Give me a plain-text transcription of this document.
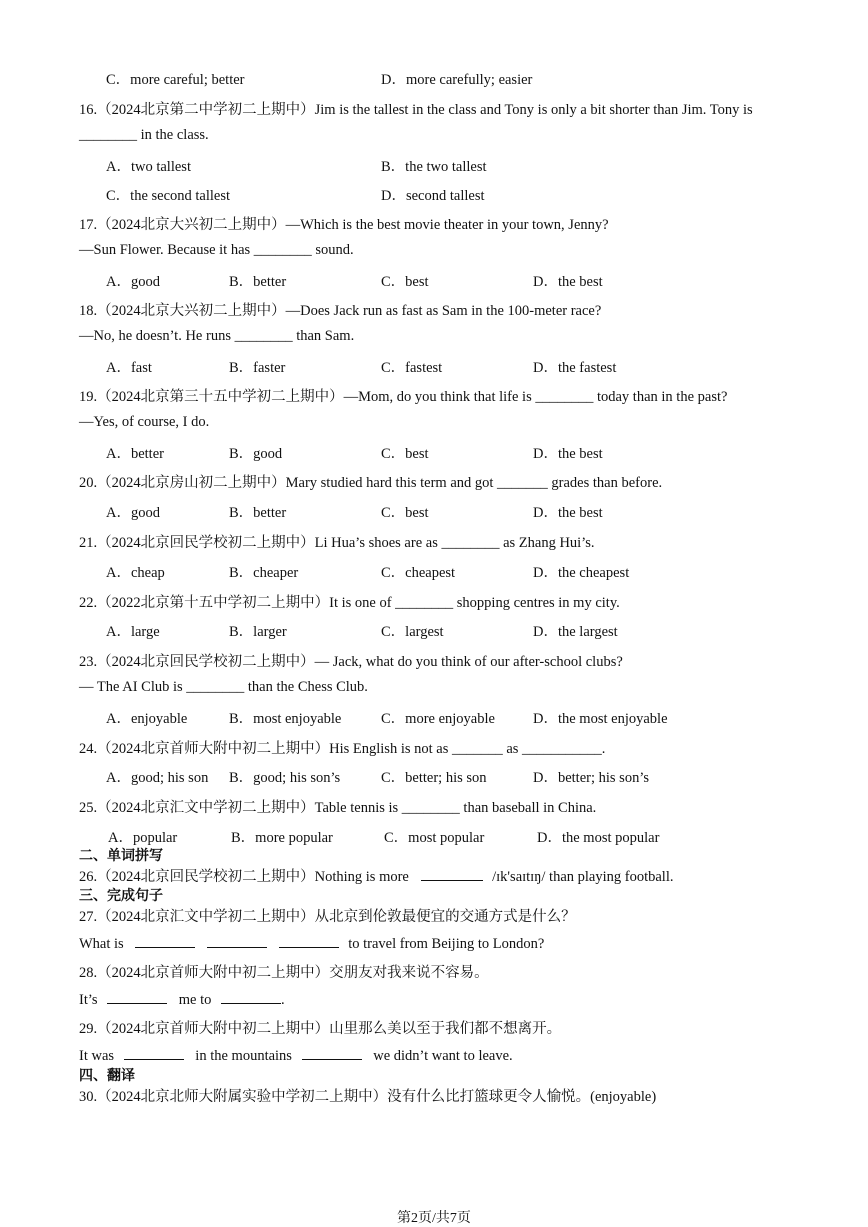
C．more careful; better	D．more carefully; easier
16.（2024北京第二中学初二上期中）Jim is the tallest in the class and Tony is only a bit shorter than Jim. Tony is
________ in the class.
A．two tallest	B．the two tallest
C．the second tallest	D．second tallest
17.（2024北京大兴初二上期中）—Which is the best movie theater in your town, Jenny?
—Sun Flower. Because it has ________ sound.
A．good	B．better	C．best	D．the best
18.（2024北京大兴初二上期中）—Does Jack run as fast as Sam in the 100-meter race?
—No, he doesn’t. He runs ________ than Sam.
A．fast	B．faster	C．fastest	D．the fastest
19.（2024北京第三十五中学初二上期中）—Mom, do you think that life is ________ today than in the past?
—Yes, of course, I do.
A．better	B．good	C．best	D．the best
20.（2024北京房山初二上期中）Mary studied hard this term and got _______ grades than before.
A．good	B．better	C．best	D．the best
21.（2024北京回民学校初二上期中）Li Hua’s shoes are as ________ as Zhang Hui’s.
A．cheap	B．cheaper	C．cheapest	D．the cheapest
22.（2022北京第十五中学初二上期中）It is one of ________ shopping centres in my city.
A．large	B．larger	C．largest	D．the largest
23.（2024北京回民学校初二上期中）— Jack, what do you think of our after-school clubs?
— The AI Club is ________ than the Chess Club.
A．enjoyable	B．most enjoyable	C．more enjoyable	D．the most enjoyable
24.（2024北京首师大附中初二上期中）His English is not as _______ as ___________.
A．good; his son B．good; his son’s	C．better; his son	D．better; his son’s
25.（2024北京汇文中学初二上期中）Table tennis is ________ than baseball in China.
A．popular	B．more popular	C．most popular	D．the most popular
二、单词拼写
26.（2024北京回民学校初二上期中）Nothing is more	/ɪk'saɪtɪŋ/ than playing football.
三、完成句子
27.（2024北京汇文中学初二上期中）从北京到伦敦最便宜的交通方式是什么？
What is	to travel from Beijing to London?
28.（2024北京首师大附中初二上期中）交朋友对我来说不容易。
It’s	me to	.
29.（2024北京首师大附中初二上期中）山里那么美以至于我们都不想离开。
It was	in the mountains	we didn’t want to leave.
四、翻译
30.（2024北京北师大附属实验中学初二上期中）没有什么比打篮球更令人愉悦。(enjoyable)
第2页/共7页
